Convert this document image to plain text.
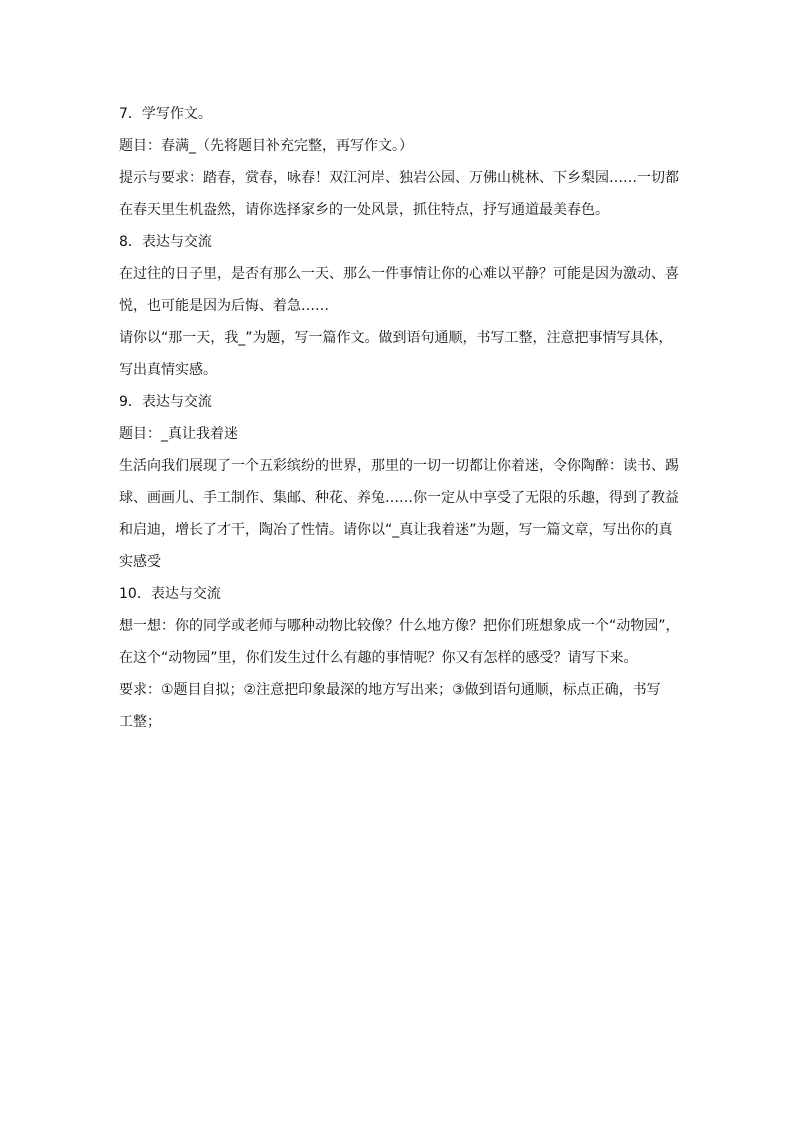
7．学写作文。
题目：春满_（先将题目补充完整，再写作文。）
提示与要求：踏春，赏春，咏春！双江河岸、独岩公园、万佛山桃林、下乡梨园……一切都
在春天里生机盎然，请你选择家乡的一处风景，抓住特点，抒写通道最美春色。
8．表达与交流
在过往的日子里，是否有那么一天、那么一件事情让你的心难以平静？可能是因为激动、喜
悦，也可能是因为后悔、着急……
请你以“那一天，我_”为题，写一篇作文。做到语句通顺，书写工整，注意把事情写具体，
写出真情实感。
9．表达与交流
题目：_真让我着迷
生活向我们展现了一个五彩缤纷的世界，那里的一切一切都让你着迷，令你陶醉：读书、踢
球、画画儿、手工制作、集邮、种花、养兔……你一定从中享受了无限的乐趣，得到了教益
和启迪，增长了才干，陶冶了性情。请你以“_真让我着迷”为题，写一篇文章，写出你的真
实感受
10．表达与交流
想一想：你的同学或老师与哪种动物比较像？什么地方像？把你们班想象成一个“动物园”，
在这个“动物园”里，你们发生过什么有趣的事情呢？你又有怎样的感受？请写下来。
要求：①题目自拟；②注意把印象最深的地方写出来；③做到语句通顺，标点正确，书写
工整；
